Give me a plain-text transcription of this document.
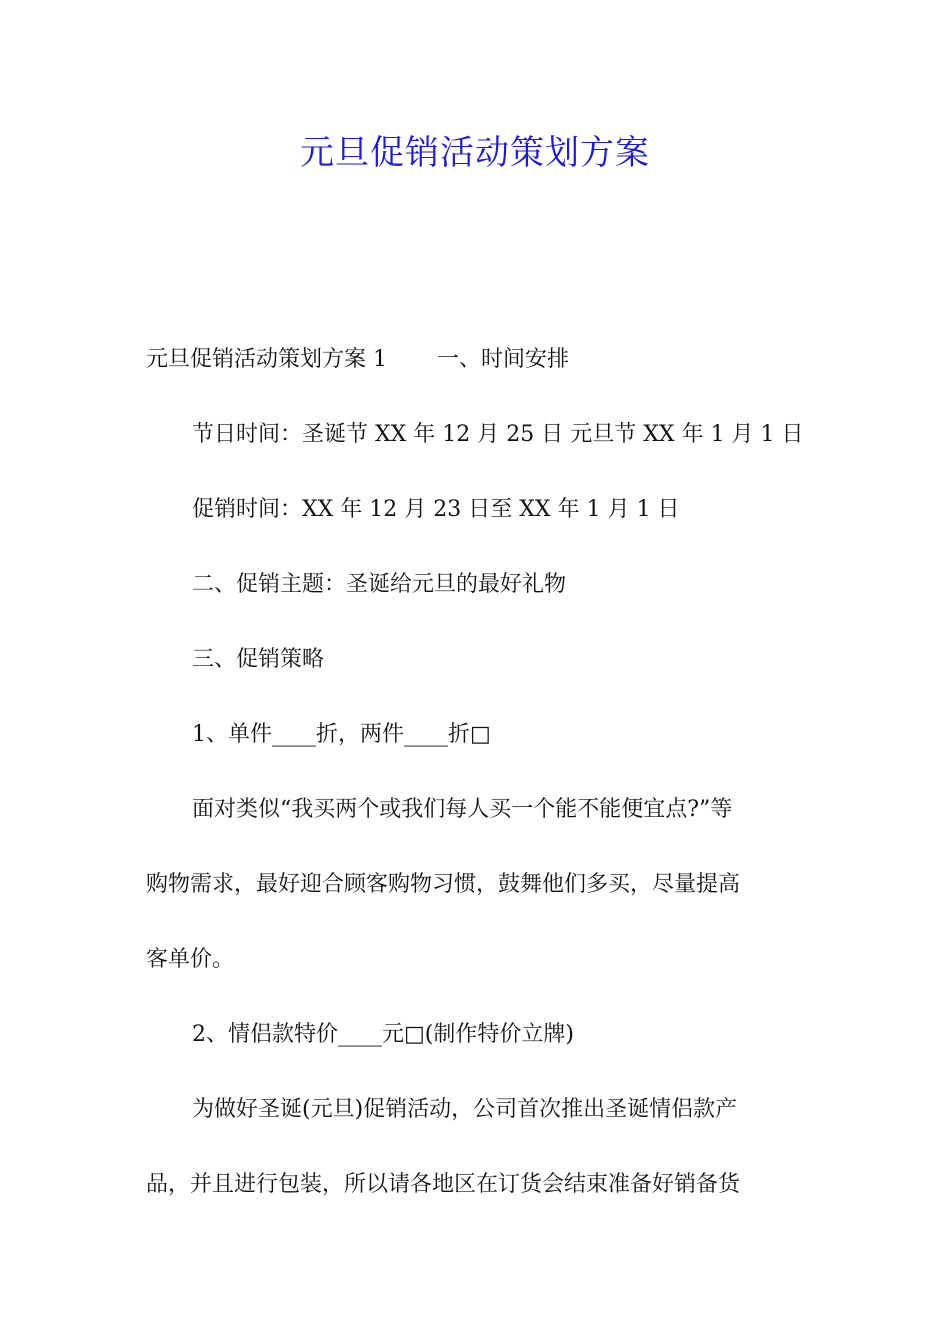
元旦促销活动策划方案
元旦促销活动策划方案 1 一、时间安排
节日时间：圣诞节 XX 年 12 月 25 日 元旦节 XX 年 1 月 1 日
促销时间：XX 年 12 月 23 日至 XX 年 1 月 1 日
二、促销主题：圣诞给元旦的最好礼物
三、促销策略
1、单件____折，两件____折□
面对类似“我买两个或我们每人买一个能不能便宜点?”等
购物需求，最好迎合顾客购物习惯，鼓舞他们多买，尽量提高
客单价。
2、情侣款特价____元□(制作特价立牌)
为做好圣诞(元旦)促销活动，公司首次推出圣诞情侣款产
品，并且进行包装，所以请各地区在订货会结束准备好销备货
